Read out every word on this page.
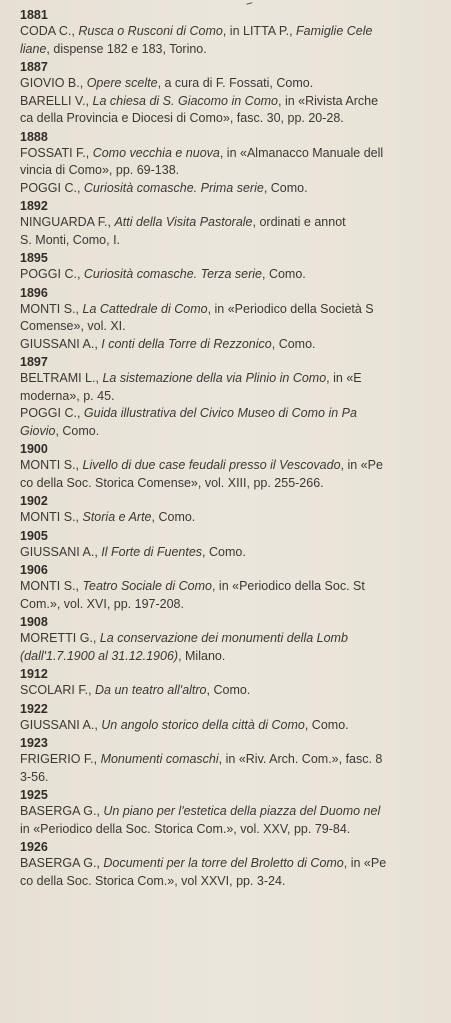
1881
CODA C., Rusca o Rusconi di Como, in LITTA P., Famiglie Cele
liane, dispense 182 e 183, Torino.
1887
GIOVIO B., Opere scelte, a cura di F. Fossati, Como.
BARELLI V., La chiesa di S. Giacomo in Como, in «Rivista Arche
ca della Provincia e Diocesi di Como», fasc. 30, pp. 20-28.
1888
FOSSATI F., Como vecchia e nuova, in «Almanacco Manuale dell
vincia di Como», pp. 69-138.
POGGI C., Curiosità comasche. Prima serie, Como.
1892
NINGUARDA F., Atti della Visita Pastorale, ordinati e annot
S. Monti, Como, I.
1895
POGGI C., Curiosità comasche. Terza serie, Como.
1896
MONTI S., La Cattedrale di Como, in «Periodico della Società S
Comense», vol. XI.
GIUSSANI A., I conti della Torre di Rezzonico, Como.
1897
BELTRAMI L., La sistemazione della via Plinio in Como, in «E
moderna», p. 45.
POGGI C., Guida illustrativa del Civico Museo di Como in Pa
Giovio, Como.
1900
MONTI S., Livello di due case feudali presso il Vescovado, in «Pe
co della Soc. Storica Comense», vol. XIII, pp. 255-266.
1902
MONTI S., Storia e Arte, Como.
1905
GIUSSANI A., Il Forte di Fuentes, Como.
1906
MONTI S., Teatro Sociale di Como, in «Periodico della Soc. St
Com.», vol. XVI, pp. 197-208.
1908
MORETTI G., La conservazione dei monumenti della Lomb
(dall'1.7.1900 al 31.12.1906), Milano.
1912
SCOLARI F., Da un teatro all'altro, Como.
1922
GIUSSANI A., Un angolo storico della città di Como, Como.
1923
FRIGERIO F., Monumenti comaschi, in «Riv. Arch. Com.», fasc. 8
3-56.
1925
BASERGA G., Un piano per l'estetica della piazza del Duomo nel
in «Periodico della Soc. Storica Com.», vol. XXV, pp. 79-84.
1926
BASERGA G., Documenti per la torre del Broletto di Como, in «Pe
co della Soc. Storica Com.», vol XXVI, pp. 3-24.
